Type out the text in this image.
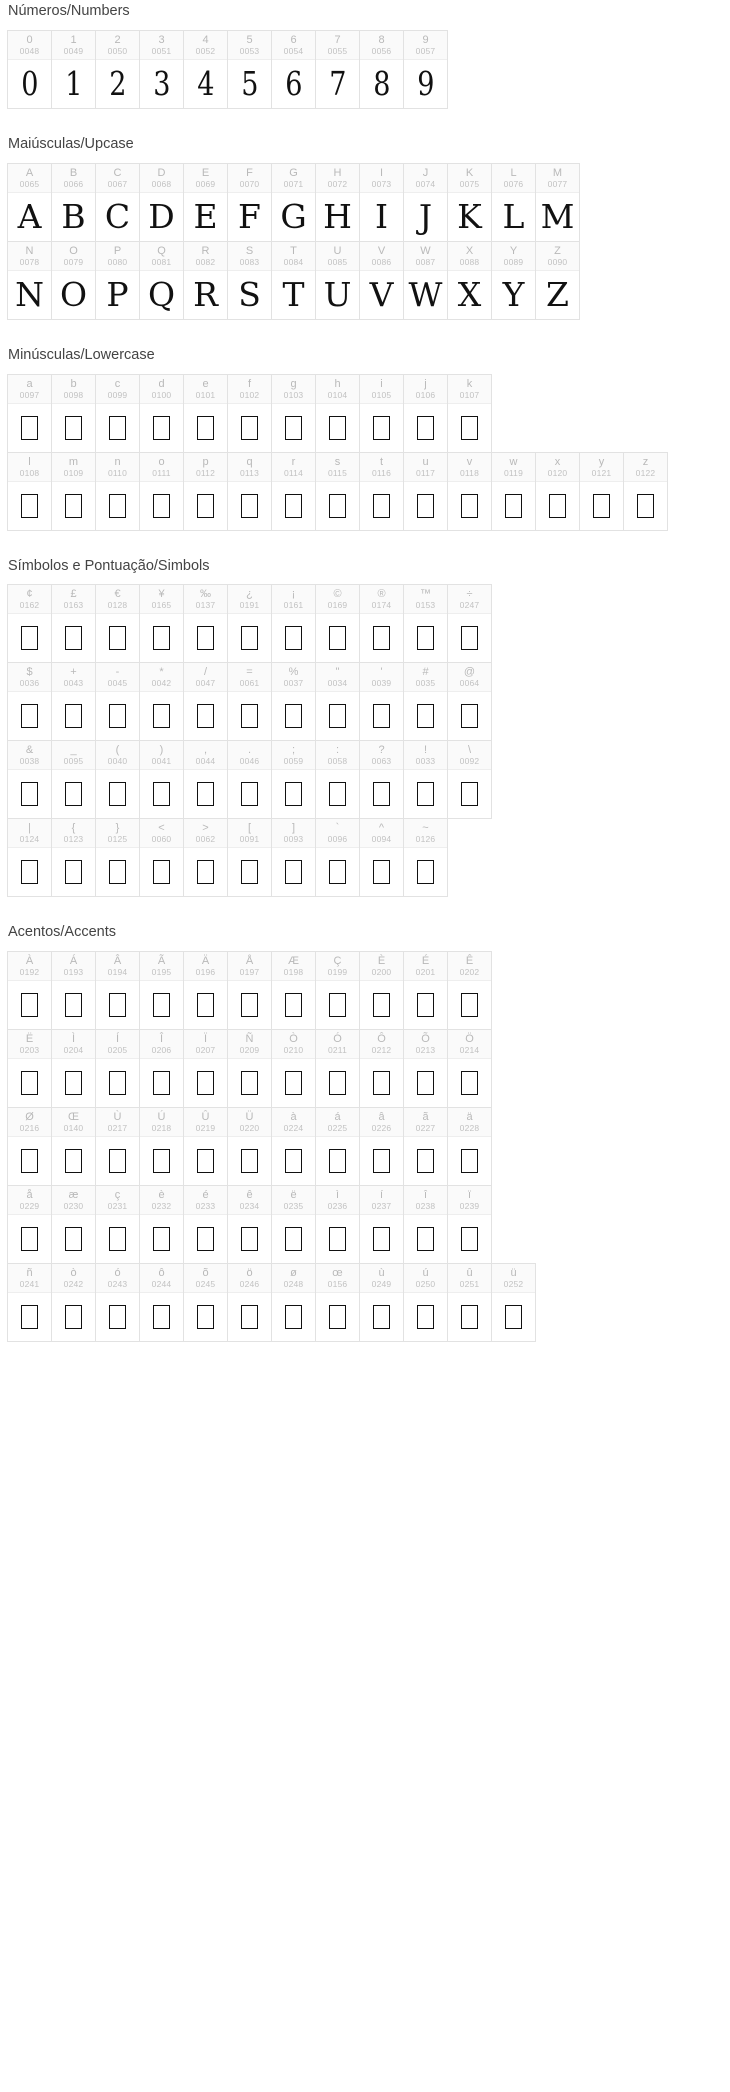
Números/Numbers
0
0048
0
1
0049
1
2
0050
2
3
0051
3
4
0052
4
5
0053
5
6
0054
6
7
0055
7
8
0056
8
9
0057
9
Maiúsculas/Upcase
A
0065
A
B
0066
B
C
0067
C
D
0068
D
E
0069
E
F
0070
F
G
0071
G
H
0072
H
I
0073
I
J
0074
J
K
0075
K
L
0076
L
M
0077
M
N
0078
N
O
0079
O
P
0080
P
Q
0081
Q
R
0082
R
S
0083
S
T
0084
T
U
0085
U
V
0086
V
W
0087
W
X
0088
X
Y
0089
Y
Z
0090
Z
Minúsculas/Lowercase
a
0097
b
0098
c
0099
d
0100
e
0101
f
0102
g
0103
h
0104
i
0105
j
0106
k
0107
l
0108
m
0109
n
0110
o
0111
p
0112
q
0113
r
0114
s
0115
t
0116
u
0117
v
0118
w
0119
x
0120
y
0121
z
0122
Símbolos e Pontuação/Simbols
¢
0162
£
0163
€
0128
¥
0165
‰
0137
¿
0191
¡
0161
©
0169
®
0174
™
0153
÷
0247
$
0036
+
0043
-
0045
*
0042
/
0047
=
0061
%
0037
"
0034
'
0039
#
0035
@
0064
&
0038
_
0095
(
0040
)
0041
,
0044
.
0046
;
0059
:
0058
?
0063
!
0033
\
0092
|
0124
{
0123
}
0125
<
0060
>
0062
[
0091
]
0093
`
0096
^
0094
~
0126
Acentos/Accents
À
0192
Á
0193
Â
0194
Ã
0195
Ä
0196
Å
0197
Æ
0198
Ç
0199
È
0200
É
0201
Ê
0202
Ë
0203
Ì
0204
Í
0205
Î
0206
Ï
0207
Ñ
0209
Ò
0210
Ó
0211
Ô
0212
Õ
0213
Ö
0214
Ø
0216
Œ
0140
Ù
0217
Ú
0218
Û
0219
Ü
0220
à
0224
á
0225
â
0226
ã
0227
ä
0228
å
0229
æ
0230
ç
0231
è
0232
é
0233
ê
0234
ë
0235
ì
0236
í
0237
î
0238
ï
0239
ñ
0241
ò
0242
ó
0243
ô
0244
õ
0245
ö
0246
ø
0248
œ
0156
ù
0249
ú
0250
û
0251
ü
0252
